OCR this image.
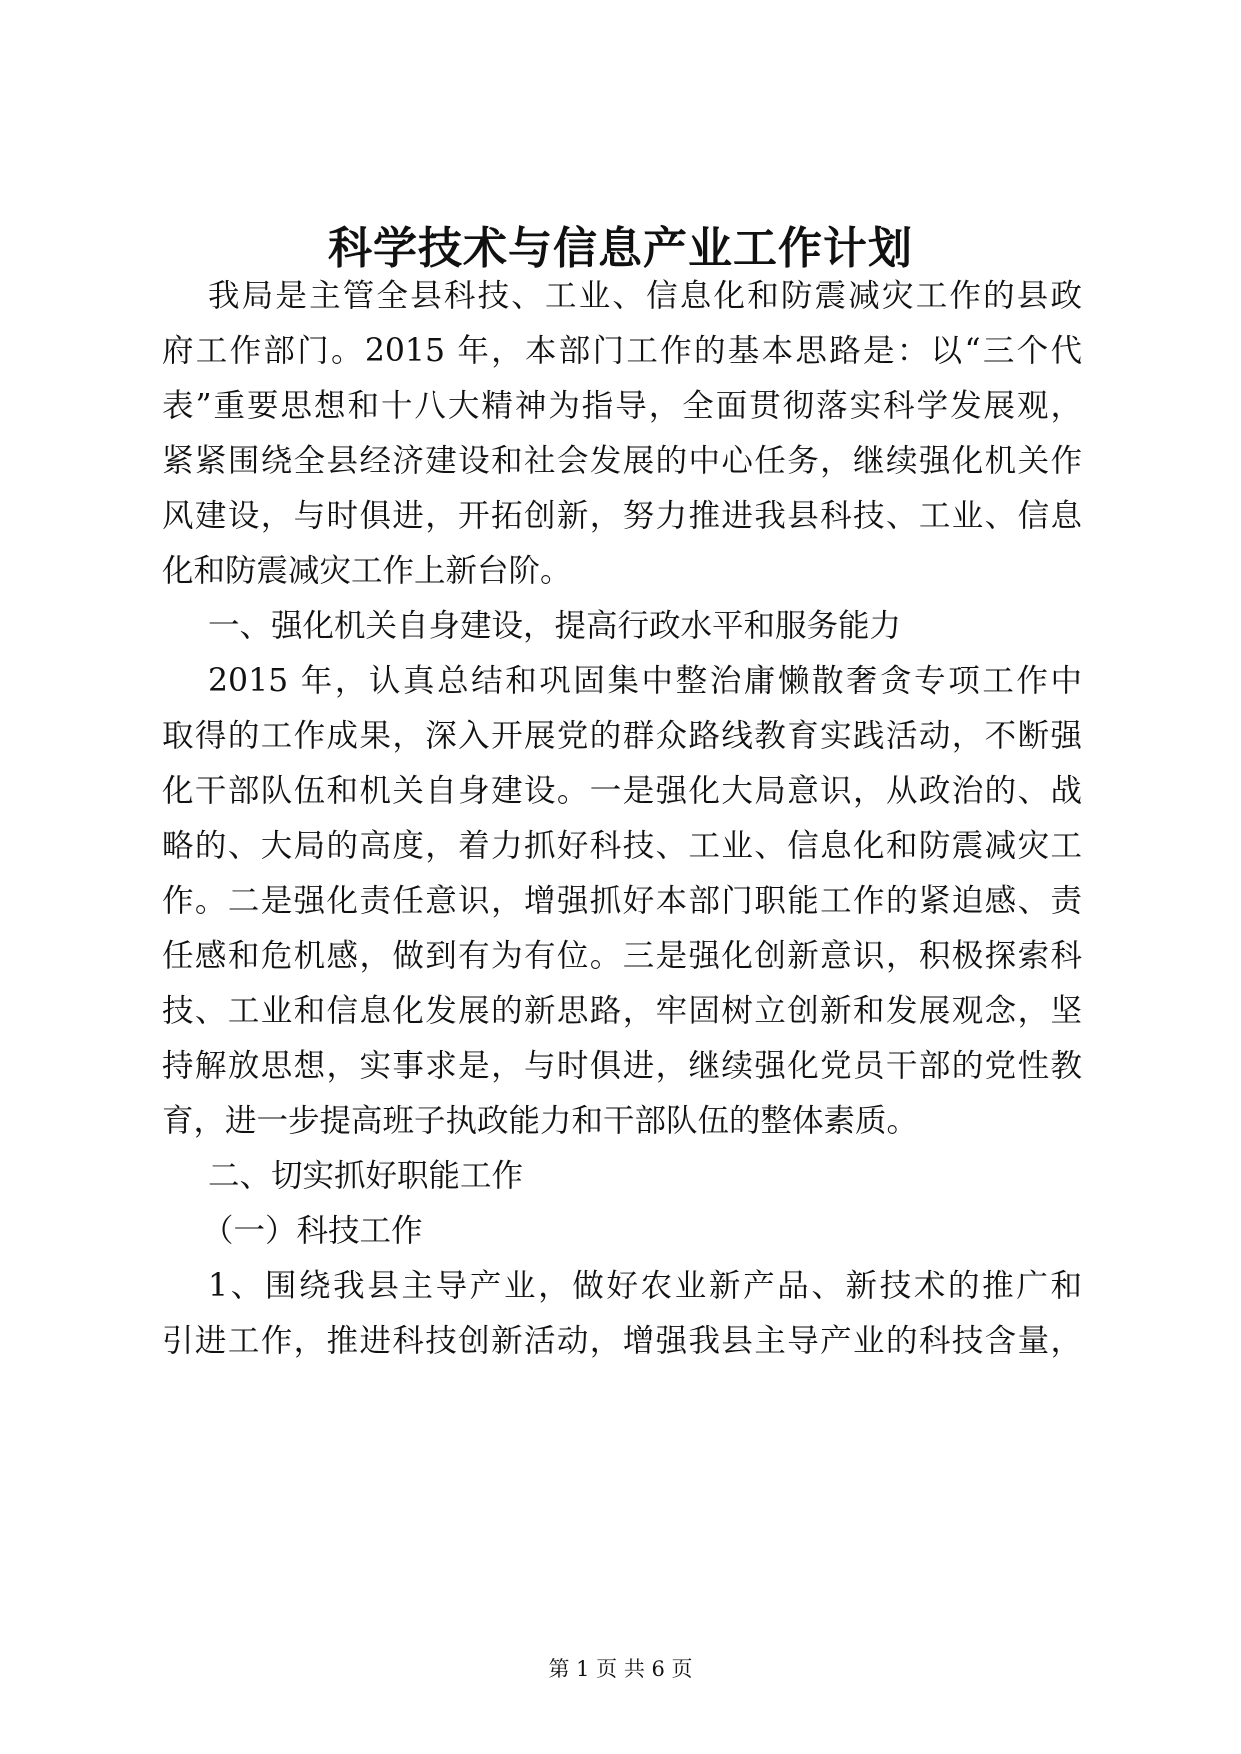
科学技术与信息产业工作计划
我局是主管全县科技、工业、信息化和防震减灾工作的县政
府工作部门。2015 年，本部门工作的基本思路是：以“三个代
表”重要思想和十八大精神为指导，全面贯彻落实科学发展观，
紧紧围绕全县经济建设和社会发展的中心任务，继续强化机关作
风建设，与时俱进，开拓创新，努力推进我县科技、工业、信息
化和防震减灾工作上新台阶。
一、强化机关自身建设，提高行政水平和服务能力
2015 年，认真总结和巩固集中整治庸懒散奢贪专项工作中
取得的工作成果，深入开展党的群众路线教育实践活动，不断强
化干部队伍和机关自身建设。一是强化大局意识，从政治的、战
略的、大局的高度，着力抓好科技、工业、信息化和防震减灾工
作。二是强化责任意识，增强抓好本部门职能工作的紧迫感、责
任感和危机感，做到有为有位。三是强化创新意识，积极探索科
技、工业和信息化发展的新思路，牢固树立创新和发展观念，坚
持解放思想，实事求是，与时俱进，继续强化党员干部的党性教
育，进一步提高班子执政能力和干部队伍的整体素质。
二、切实抓好职能工作
（一）科技工作
1、围绕我县主导产业，做好农业新产品、新技术的推广和
引进工作，推进科技创新活动，增强我县主导产业的科技含量，
第 1 页 共 6 页
